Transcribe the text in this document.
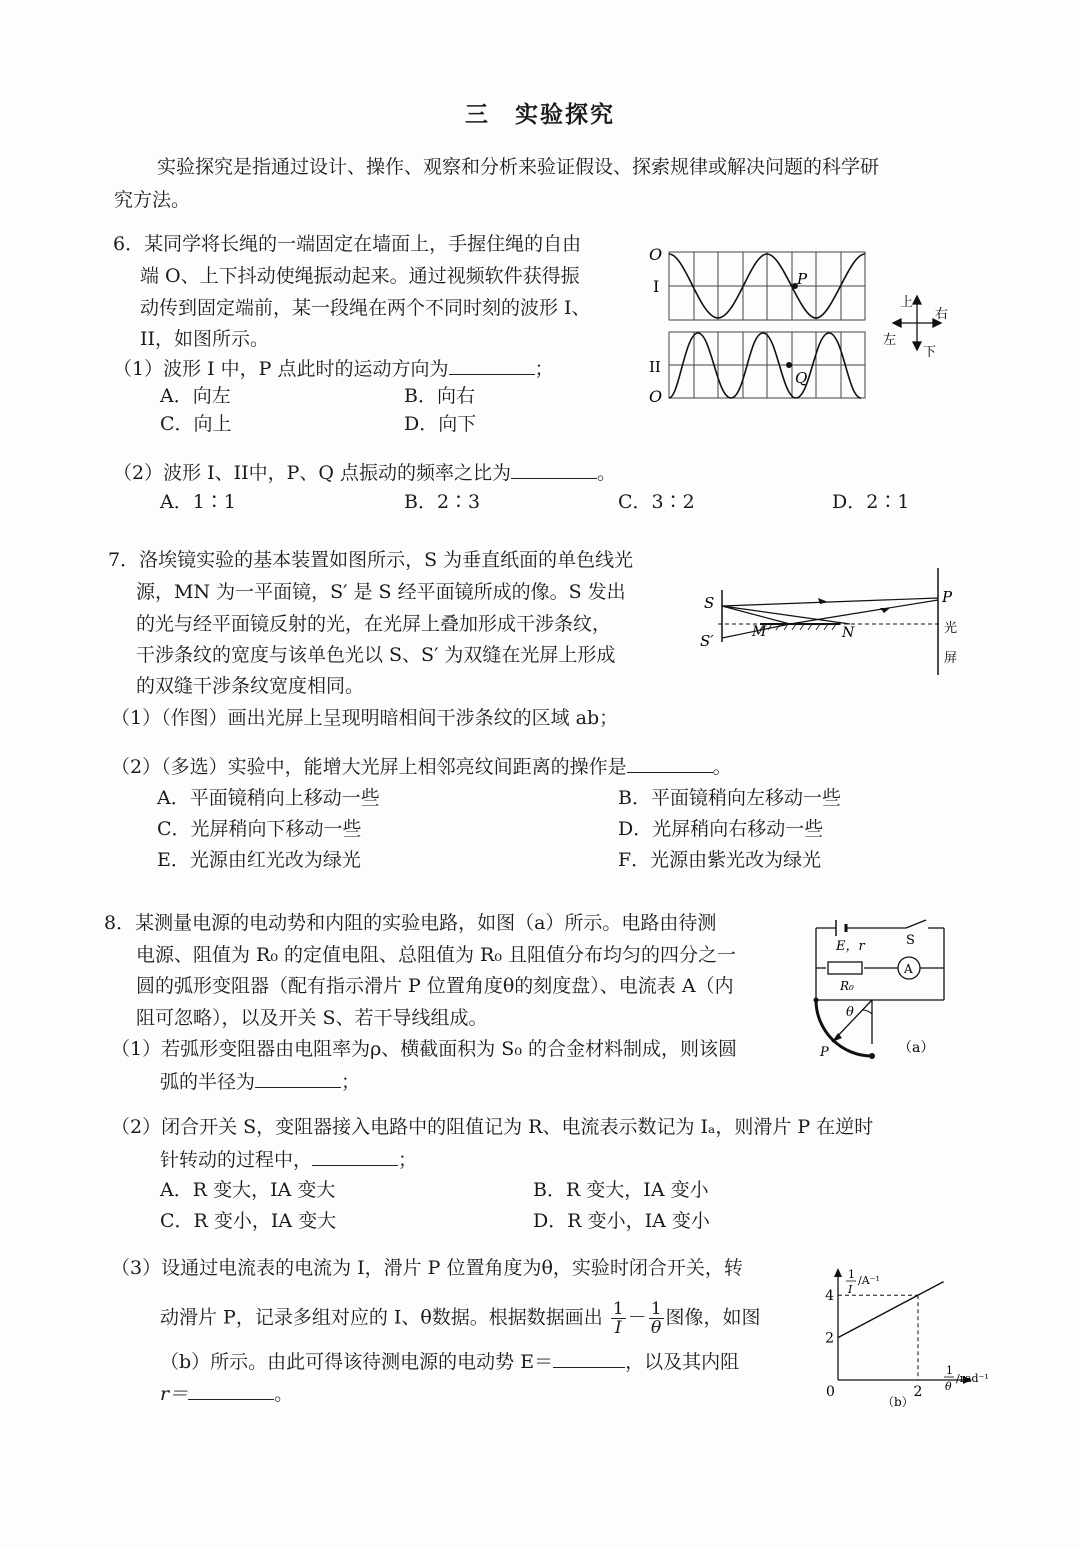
三　实验探究
实验探究是指通过设计、操作、观察和分析来验证假设、探索规律或解决问题的科学研
究方法。
6．某同学将长绳的一端固定在墙面上，手握住绳的自由
端 O、上下抖动使绳振动起来。通过视频软件获得振
动传到固定端前，某一段绳在两个不同时刻的波形 I、
II，如图所示。
（1）波形 I 中，P 点此时的运动方向为	；
A．向左	B．向右
C．向上	D．向下
（2）波形 I、II中，P、Q 点振动的频率之比为	。
A．1∶1	B．2∶3	C．3∶2	D．2∶1
O
I	P
II
O
Q
上
右
左
下
7．洛埃镜实验的基本装置如图所示，S 为垂直纸面的单色线光
源，MN 为一平面镜，S′ 是 S 经平面镜所成的像。S 发出
的光与经平面镜反射的光，在光屏上叠加形成干涉条纹，
干涉条纹的宽度与该单色光以 S、S′ 为双缝在光屏上形成
的双缝干涉条纹宽度相同。
（1）（作图）画出光屏上呈现明暗相间干涉条纹的区域 ab；
（2）（多选）实验中，能增大光屏上相邻亮纹间距离的操作是	。
A．平面镜稍向上移动一些	B．平面镜稍向左移动一些
C．光屏稍向下移动一些	D．光屏稍向右移动一些
E．光源由红光改为绿光	F．光源由紫光改为绿光
S
S′	M	N
P
光
屏
8．某测量电源的电动势和内阻的实验电路，如图（a）所示。电路由待测
电源、阻值为 R₀ 的定值电阻、总阻值为 R₀ 且阻值分布均匀的四分之一
圆的弧形变阻器（配有指示滑片 P 位置角度θ的刻度盘）、电流表 A（内
阻可忽略），以及开关 S、若干导线组成。
（1）若弧形变阻器由电阻率为ρ、横截面积为 S₀ 的合金材料制成，则该圆
弧的半径为	；
（2）闭合开关 S，变阻器接入电路中的阻值记为 R、电流表示数记为 Iₐ，则滑片 P 在逆时
针转动的过程中，	；
A．R 变大，IA 变大	B．R 变大，IA 变小
C．R 变小，IA 变大	D．R 变小，IA 变小
（3）设通过电流表的电流为 I，滑片 P 位置角度为θ，实验时闭合开关，转
动滑片 P，记录多组对应的 I、θ数据。根据数据画出 $\frac{1}{I} - \frac{1}{\theta}$ 图像，如图
（b）所示。由此可得该待测电源的电动势 E＝	，以及其内阻
r＝	。
E，r	S
A
R₀
θ
P	（a）
2
4
2
0
1
I
/A⁻¹
1
θ
/rad⁻¹
（b）
